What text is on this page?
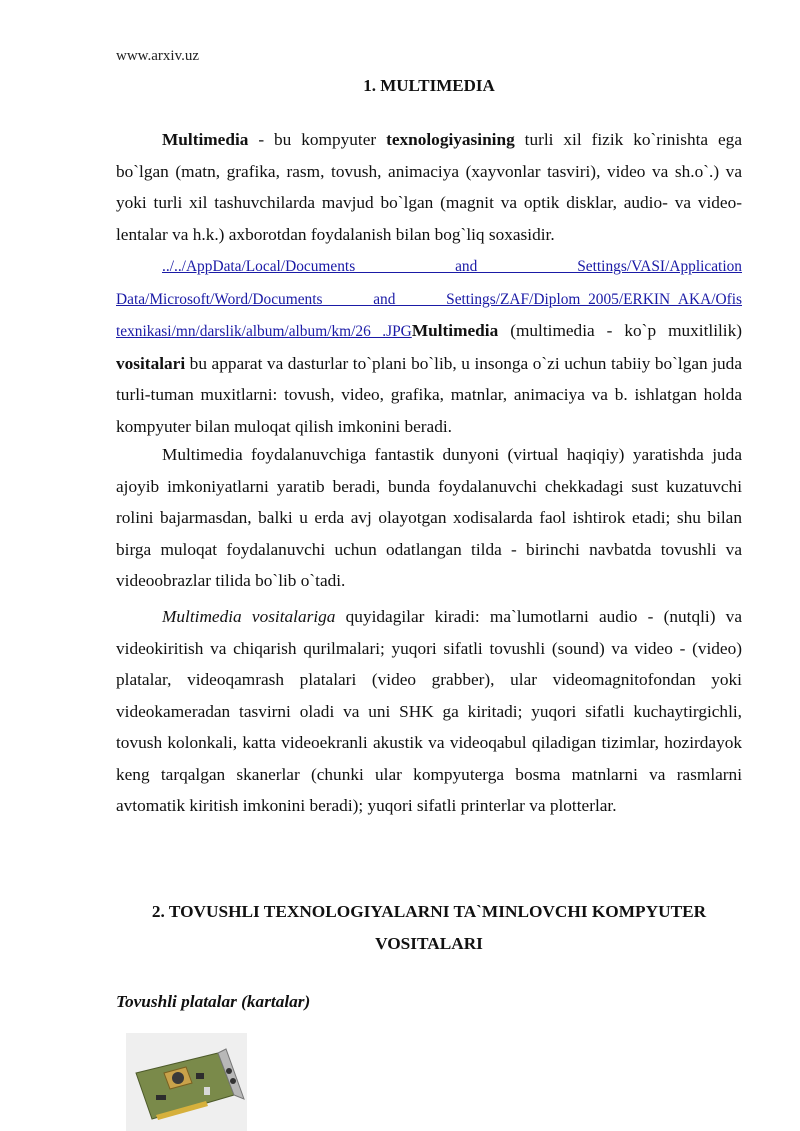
www.arxiv.uz
1. MULTIMEDIA

Multimedia - bu kompyuter texnologiyasining turli xil fizik ko`rinishta ega bo`lgan (matn, grafika, rasm, tovush, animaciya (xayvonlar tasviri), video va sh.o`.) va yoki turli xil tashuvchilarda mavjud bo`lgan (magnit va optik disklar, audio- va video-lentalar va h.k.) axborotdan foydalanish bilan bog`liq soxasidir.

../../AppData/Local/Documents and Settings/VASI/Application Data/Microsoft/Word/Documents and Settings/ZAF/Diplom_2005/ERKIN_AKA/Ofis texnikasi/mn/darslik/album/album/km/26 .JPGMultimedia (multimedia - ko`p muxitlilik) vositalari bu apparat va dasturlar to`plani bo`lib, u insonga o`zi uchun tabiiy bo`lgan juda turli-tuman muxitlarni: tovush, video, grafika, matnlar, animaciya va b. ishlatgan holda kompyuter bilan muloqat qilish imkonini beradi.

Multimedia foydalanuvchiga fantastik dunyoni (virtual haqiqiy) yaratishda juda ajoyib imkoniyatlarni yaratib beradi, bunda foydalanuvchi chekkadagi sust kuzatuvchi rolini bajarmasdan, balki u erda avj olayotgan xodisalarda faol ishtirok etadi; shu bilan birga muloqat foydalanuvchi uchun odatlangan tilda - birinchi navbatda tovushli va videoobrazlar tilida bo`lib o`tadi.

Multimedia vositalariga quyidagilar kiradi: ma`lumotlarni audio - (nutqli) va videokiritish va chiqarish qurilmalari; yuqori sifatli tovushli (sound) va video - (video) platalar, videoqamrash platalari (video grabber), ular videomagnitofondan yoki videokameradan tasvirni oladi va uni SHK ga kiritadi; yuqori sifatli kuchaytirgichli, tovush kolonkali, katta videoekranli akustik va videoqabul qiladigan tizimlar, hozirdayok keng tarqalgan skanerlar (chunki ular kompyuterga bosma matnlarni va rasmlarni avtomatik kiritish imkonini beradi); yuqori sifatli printerlar va plotterlar.

2. TOVUSHLI TEXNOLOGIYALARNI TA`MINLOVCHI KOMPYUTER VOSITALARI
Tovushli platalar (kartalar)
